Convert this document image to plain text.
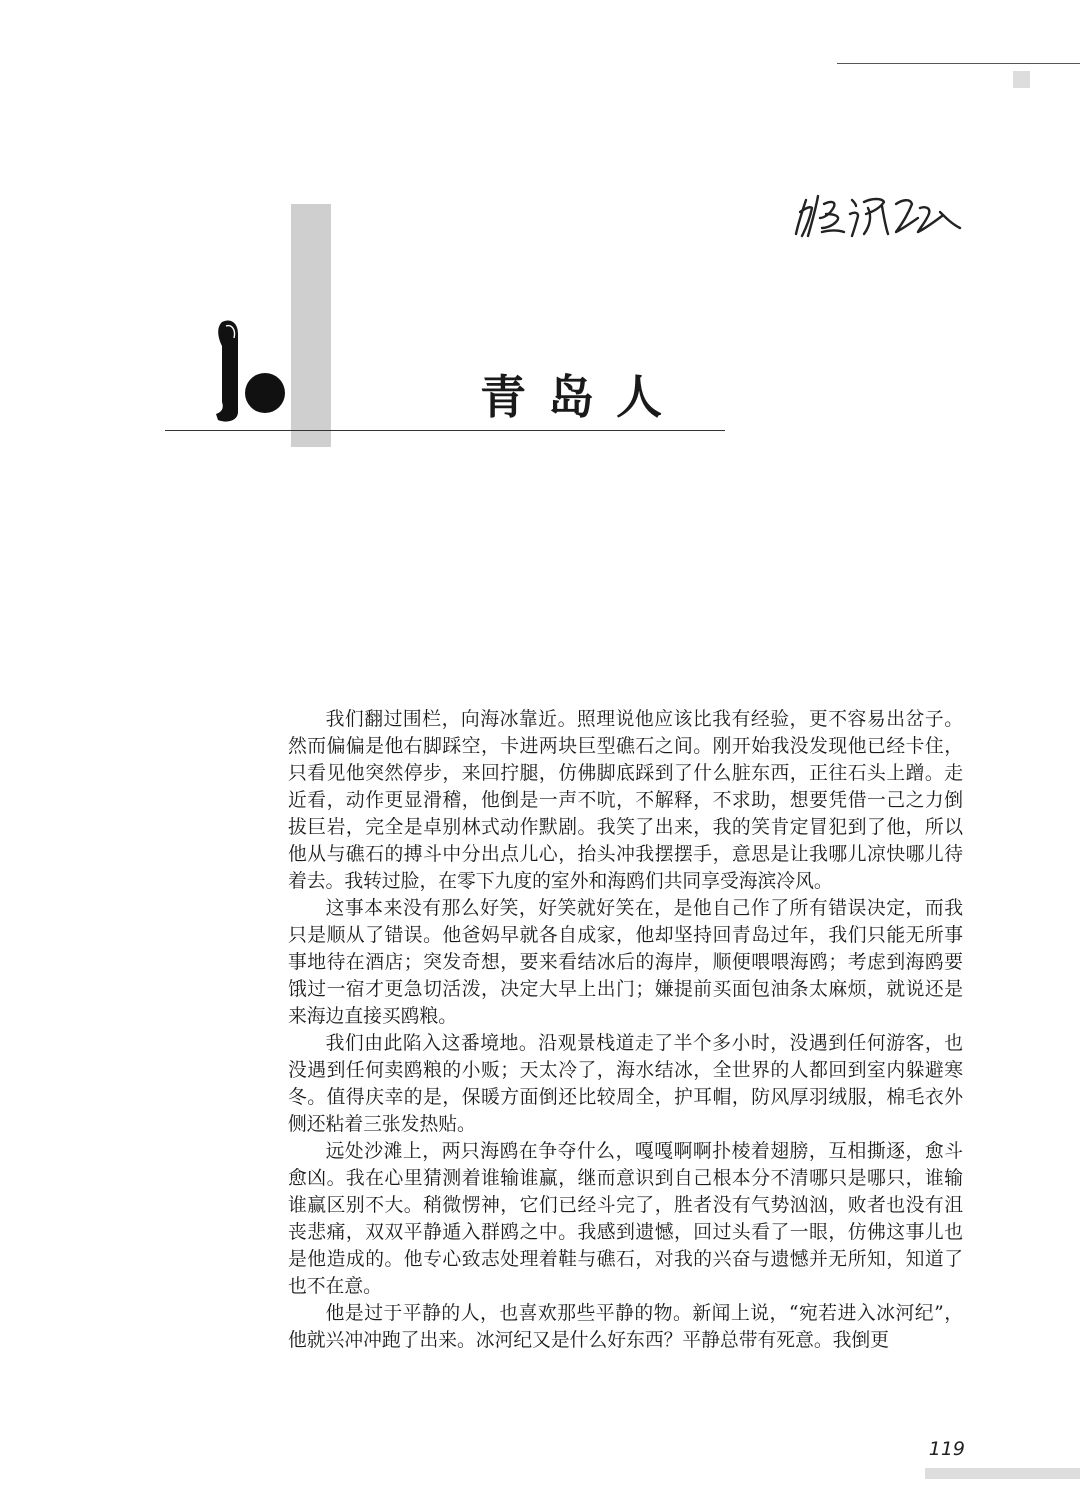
青岛人

我们翻过围栏，向海冰靠近。照理说他应该比我有经验，更不容易出岔子。然而偏偏是他右脚踩空，卡进两块巨型礁石之间。刚开始我没发现他已经卡住，只看见他突然停步，来回拧腿，仿佛脚底踩到了什么脏东西，正往石头上蹭。走近看，动作更显滑稽，他倒是一声不吭，不解释，不求助，想要凭借一己之力倒拔巨岩，完全是卓别林式动作默剧。我笑了出来，我的笑肯定冒犯到了他，所以他从与礁石的搏斗中分出点儿心，抬头冲我摆摆手，意思是让我哪儿凉快哪儿待着去。我转过脸，在零下九度的室外和海鸥们共同享受海滨冷风。

这事本来没有那么好笑，好笑就好笑在，是他自己作了所有错误决定，而我只是顺从了错误。他爸妈早就各自成家，他却坚持回青岛过年，我们只能无所事事地待在酒店；突发奇想，要来看结冰后的海岸，顺便喂喂海鸥；考虑到海鸥要饿过一宿才更急切活泼，决定大早上出门；嫌提前买面包油条太麻烦，就说还是来海边直接买鸥粮。

我们由此陷入这番境地。沿观景栈道走了半个多小时，没遇到任何游客，也没遇到任何卖鸥粮的小贩；天太冷了，海水结冰，全世界的人都回到室内躲避寒冬。值得庆幸的是，保暖方面倒还比较周全，护耳帽，防风厚羽绒服，棉毛衣外侧还粘着三张发热贴。

远处沙滩上，两只海鸥在争夺什么，嘎嘎啊啊扑棱着翅膀，互相撕逐，愈斗愈凶。我在心里猜测着谁输谁赢，继而意识到自己根本分不清哪只是哪只，谁输谁赢区别不大。稍微愣神，它们已经斗完了，胜者没有气势汹汹，败者也没有沮丧悲痛，双双平静遁入群鸥之中。我感到遗憾，回过头看了一眼，仿佛这事儿也是他造成的。他专心致志处理着鞋与礁石，对我的兴奋与遗憾并无所知，知道了也不在意。

他是过于平静的人，也喜欢那些平静的物。新闻上说，“宛若进入冰河纪”，他就兴冲冲跑了出来。冰河纪又是什么好东西？平静总带有死意。我倒更

119
